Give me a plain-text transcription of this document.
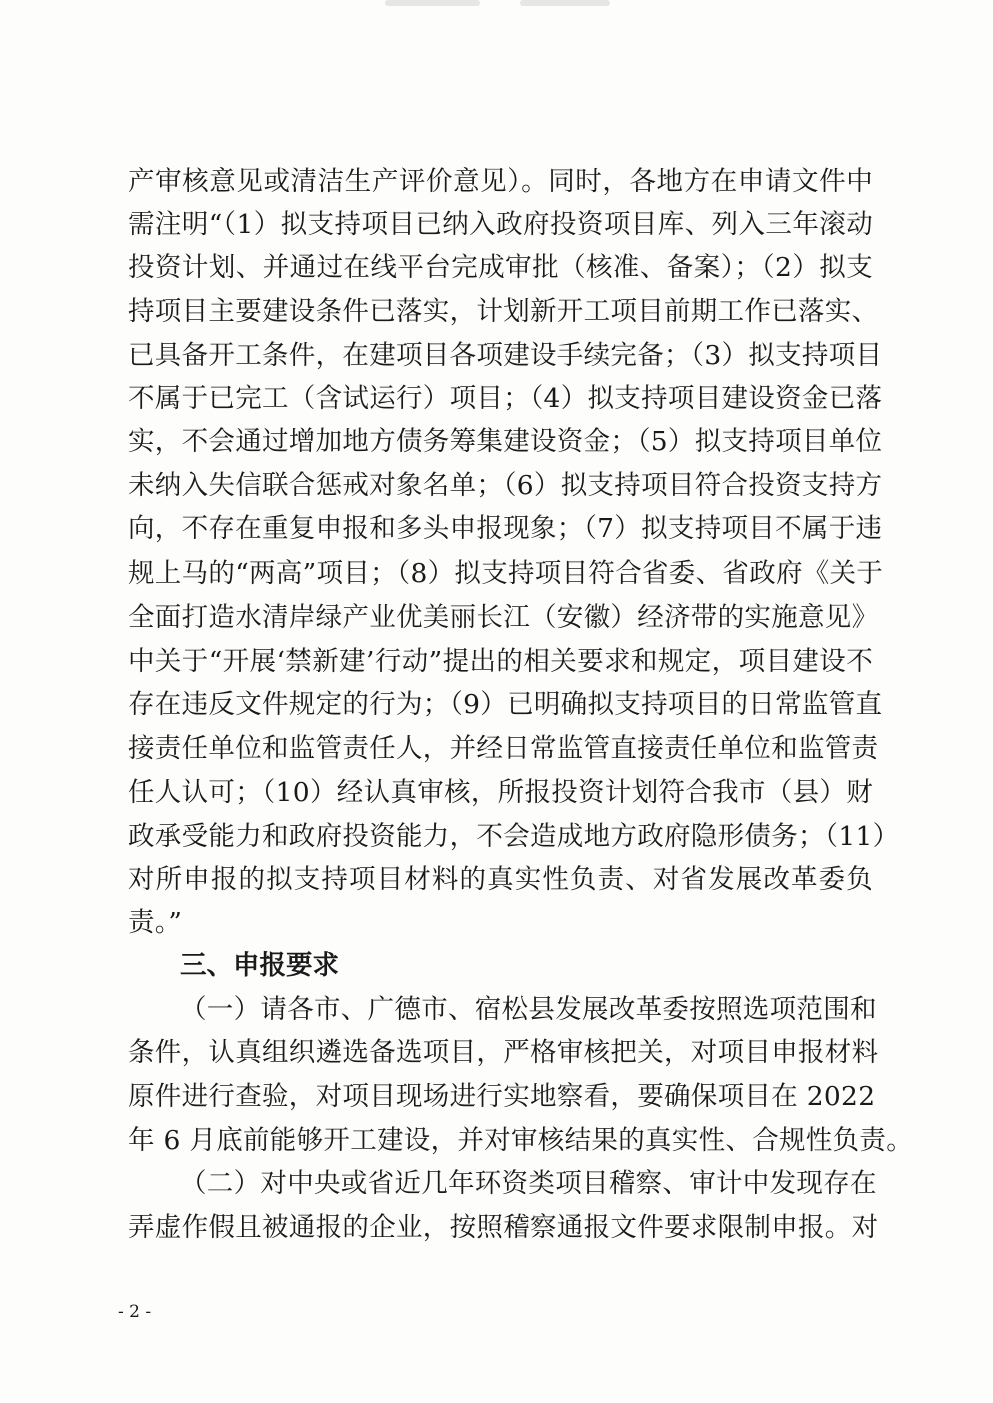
产审核意见或清洁生产评价意见）。同时，各地方在申请文件中
需注明“（1）拟支持项目已纳入政府投资项目库、列入三年滚动
投资计划、并通过在线平台完成审批（核准、备案）；（2）拟支
持项目主要建设条件已落实，计划新开工项目前期工作已落实、
已具备开工条件，在建项目各项建设手续完备；（3）拟支持项目
不属于已完工（含试运行）项目；（4）拟支持项目建设资金已落
实，不会通过增加地方债务筹集建设资金；（5）拟支持项目单位
未纳入失信联合惩戒对象名单；（6）拟支持项目符合投资支持方
向，不存在重复申报和多头申报现象；（7）拟支持项目不属于违
规上马的“两高”项目；（8）拟支持项目符合省委、省政府《关于
全面打造水清岸绿产业优美丽长江（安徽）经济带的实施意见》
中关于“开展‘禁新建’行动”提出的相关要求和规定，项目建设不
存在违反文件规定的行为；（9）已明确拟支持项目的日常监管直
接责任单位和监管责任人，并经日常监管直接责任单位和监管责
任人认可；（10）经认真审核，所报投资计划符合我市（县）财
政承受能力和政府投资能力，不会造成地方政府隐形债务；（11）
对所申报的拟支持项目材料的真实性负责、对省发展改革委负
责。”
三、申报要求
（一）请各市、广德市、宿松县发展改革委按照选项范围和
条件，认真组织遴选备选项目，严格审核把关，对项目申报材料
原件进行查验，对项目现场进行实地察看，要确保项目在 2022
年 6 月底前能够开工建设，并对审核结果的真实性、合规性负责。
（二）对中央或省近几年环资类项目稽察、审计中发现存在
弄虚作假且被通报的企业，按照稽察通报文件要求限制申报。对
- 2 -
